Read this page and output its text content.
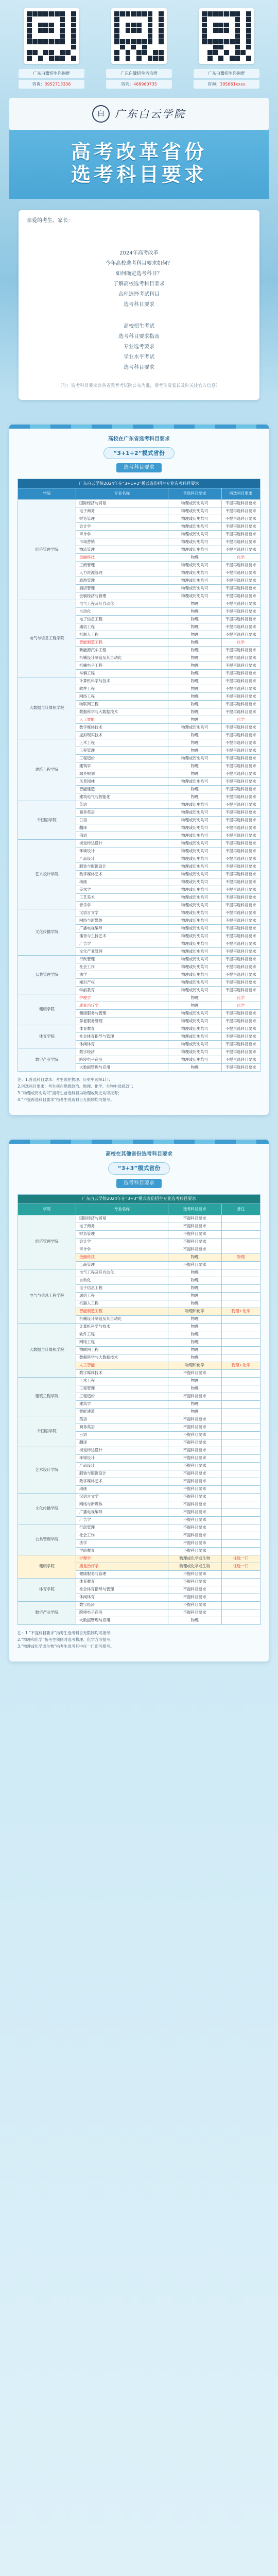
广东白鹭招生咨询群
咨询：3952713336
广东白鹭招生咨询群
咨询：468960735
广东白鹭招生咨询群
咨询：395661xxxx
白	广东白云学院
高考改革省份
选考科目要求
亲爱的考生、家长：

2024年高考改革

今年高校选考科目要求如何？

如何确定选考科目？

了解高校选考科目要求

合理选择考试科目

选考科目要求

高校招生考试

选考科目要求指南

专业选考要求

学业水平考试

选考科目要求

（注：选考科目要求以各省教育考试院公布为准，请考生及家长及时关注官方信息）
高校在广东省选考科目要求
“3+1+2”模式省份
选考科目要求
广东白云学院2024年在“3+1+2”模式省份招生专业选考科目要求			
学院	专业名称	首选科目要求	再选科目要求
经济管理学院	国际经济与贸易	物理或历史均可	不提再选科目要求
	电子商务	物理或历史均可	不提再选科目要求
	财务管理	物理或历史均可	不提再选科目要求
	会计学	物理或历史均可	不提再选科目要求
	审计学	物理或历史均可	不提再选科目要求
	市场营销	物理或历史均可	不提再选科目要求
	物流管理	物理或历史均可	不提再选科目要求
	金融科技	物理	化学
	工商管理	物理或历史均可	不提再选科目要求
	人力资源管理	物理或历史均可	不提再选科目要求
	旅游管理	物理或历史均可	不提再选科目要求
	酒店管理	物理或历史均可	不提再选科目要求
	会展经济与管理	物理或历史均可	不提再选科目要求
电气与信息工程学院	电气工程及其自动化	物理	不提再选科目要求
	自动化	物理	不提再选科目要求
	电子信息工程	物理	不提再选科目要求
	通信工程	物理	不提再选科目要求
	机器人工程	物理	不提再选科目要求
	智能制造工程	物理	化学
	新能源汽车工程	物理	不提再选科目要求
	机械设计制造及其自动化	物理	不提再选科目要求
	机械电子工程	物理	不提再选科目要求
	车辆工程	物理	不提再选科目要求
大数据与计算机学院	计算机科学与技术	物理	不提再选科目要求
	软件工程	物理	不提再选科目要求
	网络工程	物理	不提再选科目要求
	物联网工程	物理	不提再选科目要求
	数据科学与大数据技术	物理	不提再选科目要求
	人工智能	物理	化学
	数字媒体技术	物理或历史均可	不提再选科目要求
	虚拟现实技术	物理	不提再选科目要求
建筑工程学院	土木工程	物理	不提再选科目要求
	工程管理	物理	不提再选科目要求
	工程造价	物理或历史均可	不提再选科目要求
	建筑学	物理	不提再选科目要求
	城乡规划	物理	不提再选科目要求
	风景园林	物理或历史均可	不提再选科目要求
	智能建造	物理	不提再选科目要求
	建筑电气与智能化	物理	不提再选科目要求
外国语学院	英语	物理或历史均可	不提再选科目要求
	商务英语	物理或历史均可	不提再选科目要求
	日语	物理或历史均可	不提再选科目要求
	翻译	物理或历史均可	不提再选科目要求
	俄语	物理或历史均可	不提再选科目要求
艺术设计学院	视觉传达设计	物理或历史均可	不提再选科目要求
	环境设计	物理或历史均可	不提再选科目要求
	产品设计	物理或历史均可	不提再选科目要求
	服装与服饰设计	物理或历史均可	不提再选科目要求
	数字媒体艺术	物理或历史均可	不提再选科目要求
	动画	物理或历史均可	不提再选科目要求
	美术学	物理或历史均可	不提再选科目要求
	工艺美术	物理或历史均可	不提再选科目要求
	音乐学	物理或历史均可	不提再选科目要求
文化传播学院	汉语言文学	物理或历史均可	不提再选科目要求
	网络与新媒体	物理或历史均可	不提再选科目要求
	广播电视编导	物理或历史均可	不提再选科目要求
	播音与主持艺术	物理或历史均可	不提再选科目要求
	广告学	物理或历史均可	不提再选科目要求
	文化产业管理	物理或历史均可	不提再选科目要求
公共管理学院	行政管理	物理或历史均可	不提再选科目要求
	社会工作	物理或历史均可	不提再选科目要求
	法学	物理或历史均可	不提再选科目要求
	知识产权	物理或历史均可	不提再选科目要求
	学前教育	物理或历史均可	不提再选科目要求
健康学院	护理学	物理	化学
	康复治疗学	物理	化学
	健康服务与管理	物理或历史均可	不提再选科目要求
	养老服务管理	物理或历史均可	不提再选科目要求
体育学院	体育教育	物理或历史均可	不提再选科目要求
	社会体育指导与管理	物理或历史均可	不提再选科目要求
	休闲体育	物理或历史均可	不提再选科目要求
数字产业学院	数字经济	物理或历史均可	不提再选科目要求
	跨境电子商务	物理或历史均可	不提再选科目要求
	大数据管理与应用	物理	不提再选科目要求

注：1.首选科目要求：考生须在物理、历史中选择1门；

2.再选科目要求：考生须在思想政治、地理、化学、生物中选择2门；

3.“物理或历史均可”指考生首选科目为物理或历史均可报考；

4.“不提再选科目要求”指考生再选科目无限制均可报考。

高校在其他省份选考科目要求
“3+3”模式省份
选考科目要求
广东白云学院2024年在“3+3”模式省份招生专业选考科目要求			
学院	专业名称	选考科目要求	备注
经济管理学院	国际经济与贸易	不提科目要求	
	电子商务	不提科目要求	
	财务管理	不提科目要求	
	会计学	不提科目要求	
	审计学	不提科目要求	
	金融科技	物理	物理
	工商管理	不提科目要求	
电气与信息工程学院	电气工程及其自动化	物理	
	自动化	物理	
	电子信息工程	物理	
	通信工程	物理	
	机器人工程	物理	
	智能制造工程	物理和化学	物理+化学
	机械设计制造及其自动化	物理	
大数据与计算机学院	计算机科学与技术	物理	
	软件工程	物理	
	网络工程	物理	
	物联网工程	物理	
	数据科学与大数据技术	物理	
	人工智能	物理和化学	物理+化学
	数字媒体技术	不提科目要求	
建筑工程学院	土木工程	物理	
	工程管理	物理	
	工程造价	不提科目要求	
	建筑学	物理	
	智能建造	物理	
外国语学院	英语	不提科目要求	
	商务英语	不提科目要求	
	日语	不提科目要求	
	翻译	不提科目要求	
艺术设计学院	视觉传达设计	不提科目要求	
	环境设计	不提科目要求	
	产品设计	不提科目要求	
	服装与服饰设计	不提科目要求	
	数字媒体艺术	不提科目要求	
	动画	不提科目要求	
文化传播学院	汉语言文学	不提科目要求	
	网络与新媒体	不提科目要求	
	广播电视编导	不提科目要求	
	广告学	不提科目要求	
公共管理学院	行政管理	不提科目要求	
	社会工作	不提科目要求	
	法学	不提科目要求	
	学前教育	不提科目要求	
健康学院	护理学	物理或化学或生物	任选一门
	康复治疗学	物理或化学或生物	任选一门
	健康服务与管理	不提科目要求	
体育学院	体育教育	不提科目要求	
	社会体育指导与管理	不提科目要求	
	休闲体育	不提科目要求	
数字产业学院	数字经济	不提科目要求	
	跨境电子商务	不提科目要求	
	大数据管理与应用	物理	

注：1.“不提科目要求”指考生选考科目无限制均可报考；

2.“物理和化学”指考生须同时选考物理、化学方可报考；

3.“物理或化学或生物”指考生选考其中任一门即可报考。
